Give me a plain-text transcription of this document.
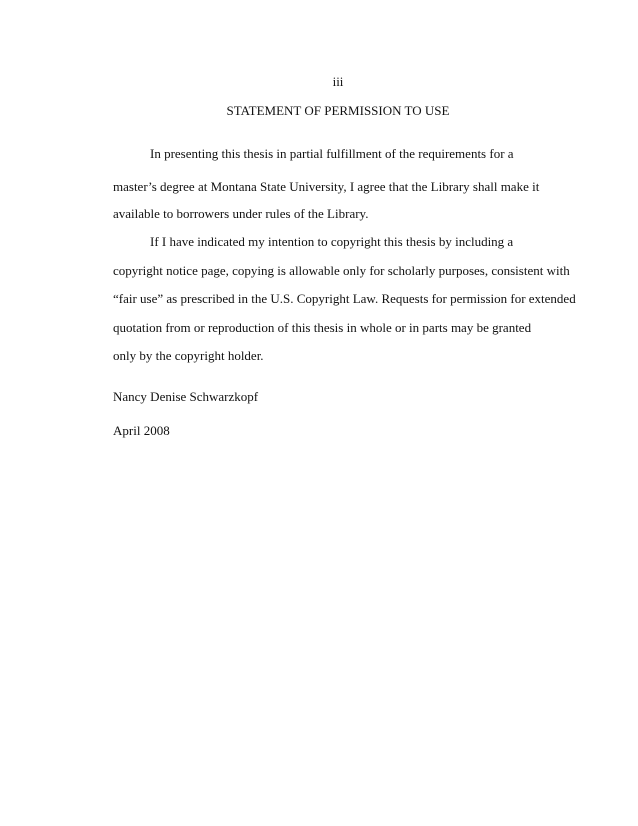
iii
STATEMENT OF PERMISSION TO USE
In presenting this thesis in partial fulfillment of the requirements for a
master’s degree at Montana State University, I agree that the Library shall make it
available to borrowers under rules of the Library.
If I have indicated my intention to copyright this thesis by including a
copyright notice page, copying is allowable only for scholarly purposes, consistent with
“fair use” as prescribed in the U.S. Copyright Law. Requests for permission for extended
quotation from or reproduction of this thesis in whole or in parts may be granted
only by the copyright holder.
Nancy Denise Schwarzkopf
April 2008
